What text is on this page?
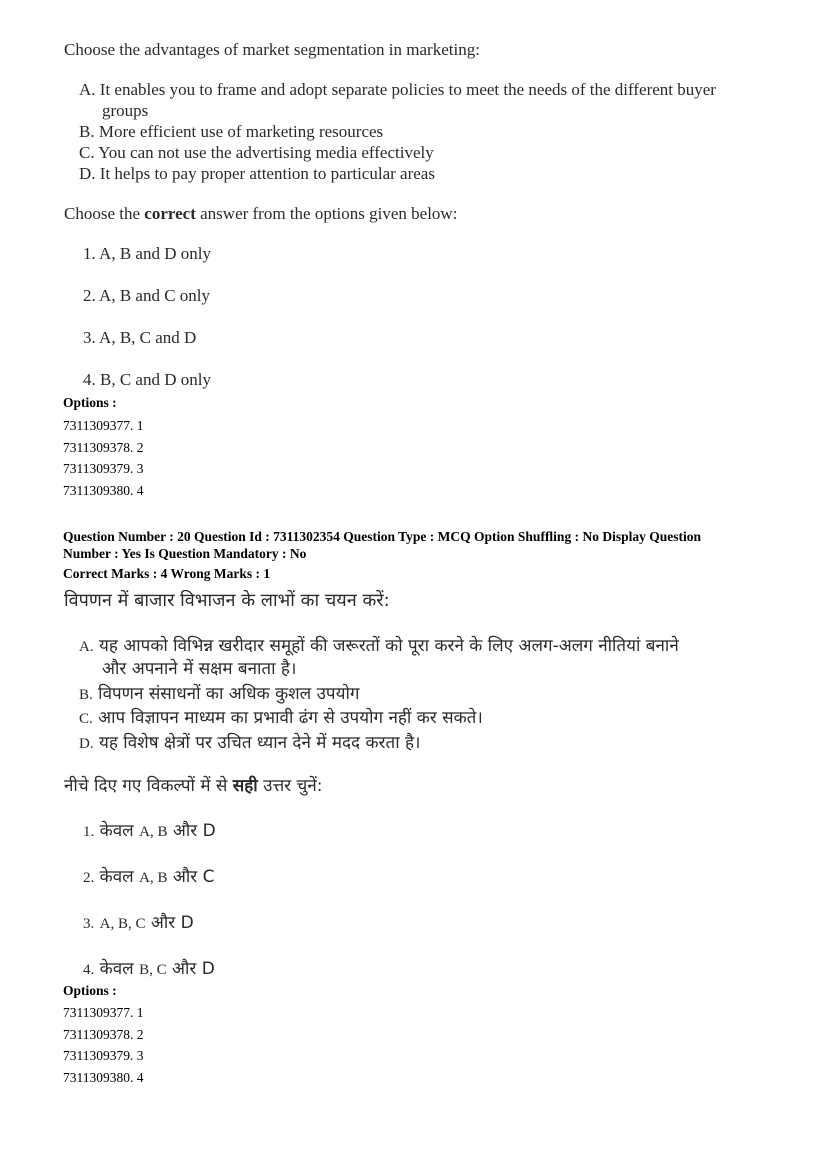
Choose the advantages of market segmentation in marketing:
A. It enables you to frame and adopt separate policies to meet the needs of the different buyer
groups
B. More efficient use of marketing resources
C. You can not use the advertising media effectively
D. It helps to pay proper attention to particular areas
Choose the correct answer from the options given below:
1. A, B and D only
2. A, B and C only
3. A, B, C and D
4. B, C and D only
Options :
7311309377. 1
7311309378. 2
7311309379. 3
7311309380. 4
Question Number : 20 Question Id : 7311302354 Question Type : MCQ Option Shuffling : No Display Question
Number : Yes Is Question Mandatory : No
Correct Marks : 4 Wrong Marks : 1
विपणन में बाजार विभाजन के लाभों का चयन करें:
A. यह आपको विभिन्न खरीदार समूहों की जरूरतों को पूरा करने के लिए अलग-अलग नीतियां बनाने
और अपनाने में सक्षम बनाता है।
B. विपणन संसाधनों का अधिक कुशल उपयोग
C. आप विज्ञापन माध्यम का प्रभावी ढंग से उपयोग नहीं कर सकते।
D. यह विशेष क्षेत्रों पर उचित ध्यान देने में मदद करता है।
नीचे दिए गए विकल्पों में से सही उत्तर चुनें:
1. केवल A, B और D
2. केवल A, B और C
3. A, B, C और D
4. केवल B, C और D
Options :
7311309377. 1
7311309378. 2
7311309379. 3
7311309380. 4
